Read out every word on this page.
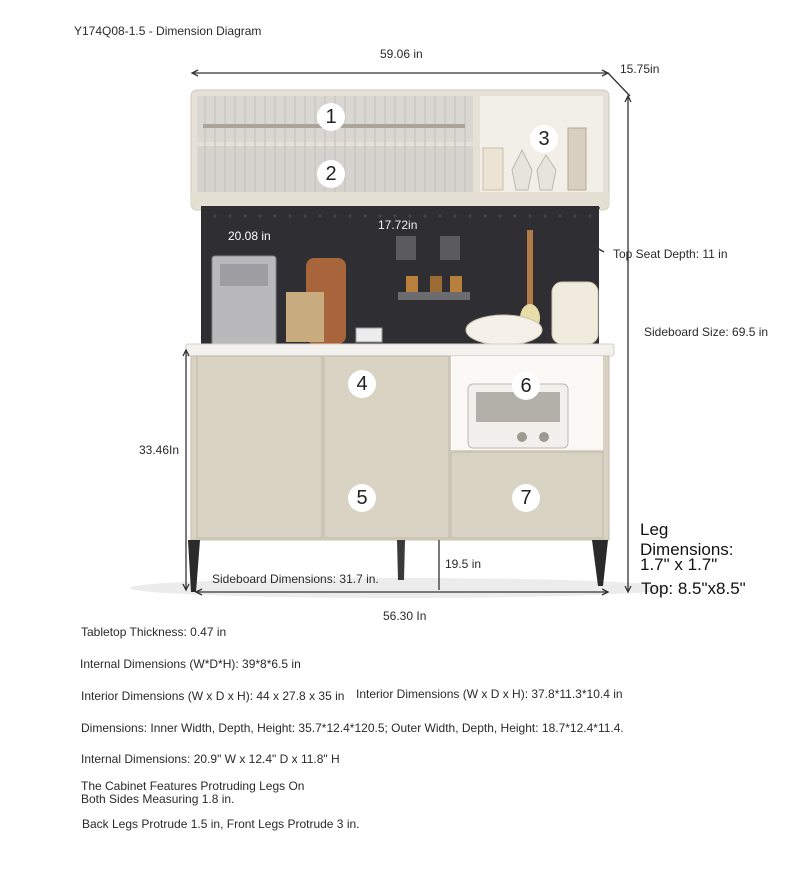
Y174Q08-1.5 - Dimension Diagram
1
2
3
4
5
6
7
59.06 in
15.75in
17.72in
20.08 in
Top Seat Depth: 11 in
Sideboard Size: 69.5 in
33.46In
19.5 in
Sideboard Dimensions: 31.7 in.
56.30 In
Leg
Dimensions:
1.7" x 1.7"
Top: 8.5"x8.5"
Tabletop Thickness: 0.47 in
Internal Dimensions (W*D*H): 39*8*6.5 in
Interior Dimensions (W x D x H): 44 x 27.8 x 35 in Interior Dimensions (W x D x H): 37.8*11.3*10.4 in
Dimensions: Inner Width, Depth, Height: 35.7*12.4*120.5; Outer Width, Depth, Height: 18.7*12.4*11.4.
Internal Dimensions: 20.9" W x 12.4" D x 11.8" H
The Cabinet Features Protruding Legs On
Both Sides Measuring 1.8 in.
Back Legs Protrude 1.5 in, Front Legs Protrude 3 in.
